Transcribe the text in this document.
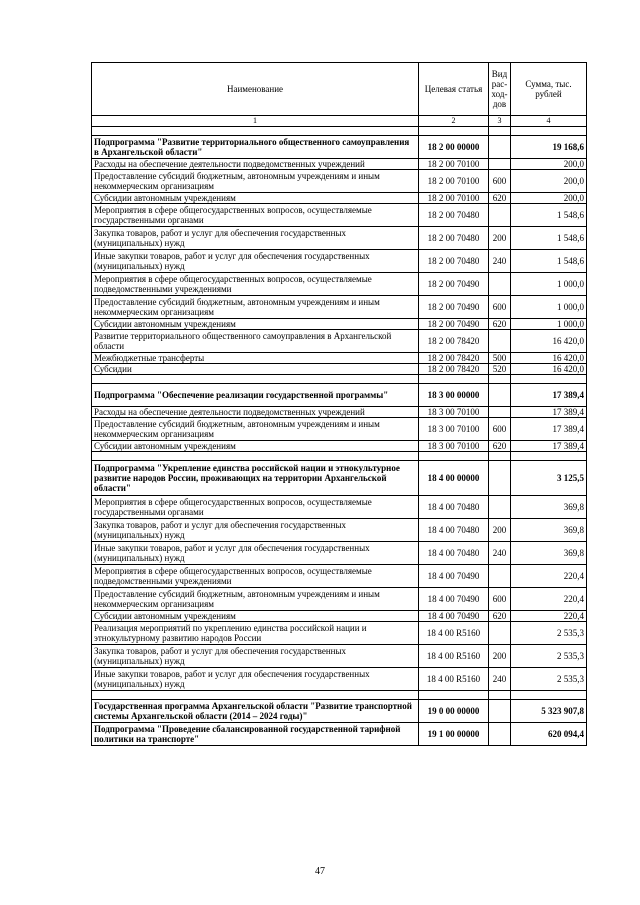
Наименование	Целевая статья	Вид рас-ход-дов	Сумма, тыс. рублей
1	2	3	4

Подпрограмма "Развитие территориального общественного самоуправления в Архангельской области"	18 2 00 00000		19 168,6
Расходы на обеспечение деятельности подведомственных учреждений	18 2 00 70100		200,0
Предоставление субсидий бюджетным, автономным учреждениям и иным некоммерческим организациям	18 2 00 70100	600	200,0
Субсидии автономным учреждениям	18 2 00 70100	620	200,0
Мероприятия в сфере общегосударственных вопросов, осуществляемые государственными органами	18 2 00 70480		1 548,6
Закупка товаров, работ и услуг для обеспечения государственных (муниципальных) нужд	18 2 00 70480	200	1 548,6
Иные закупки товаров, работ и услуг для обеспечения государственных (муниципальных) нужд	18 2 00 70480	240	1 548,6
Мероприятия в сфере общегосударственных вопросов, осуществляемые подведомственными учреждениями	18 2 00 70490		1 000,0
Предоставление субсидий бюджетным, автономным учреждениям и иным некоммерческим организациям	18 2 00 70490	600	1 000,0
Субсидии автономным учреждениям	18 2 00 70490	620	1 000,0
Развитие территориального общественного самоуправления в Архангельской области	18 2 00 78420		16 420,0
Межбюджетные трансферты	18 2 00 78420	500	16 420,0
Субсидии	18 2 00 78420	520	16 420,0

Подпрограмма "Обеспечение реализации государственной программы"	18 3 00 00000		17 389,4
Расходы на обеспечение деятельности подведомственных учреждений	18 3 00 70100		17 389,4
Предоставление субсидий бюджетным, автономным учреждениям и иным некоммерческим организациям	18 3 00 70100	600	17 389,4
Субсидии автономным учреждениям	18 3 00 70100	620	17 389,4

Подпрограмма "Укрепление единства российской нации и этнокультурное развитие народов России, проживающих на территории Архангельской области"	18 4 00 00000		3 125,5
Мероприятия в сфере общегосударственных вопросов, осуществляемые государственными органами	18 4 00 70480		369,8
Закупка товаров, работ и услуг для обеспечения государственных (муниципальных) нужд	18 4 00 70480	200	369,8
Иные закупки товаров, работ и услуг для обеспечения государственных (муниципальных) нужд	18 4 00 70480	240	369,8
Мероприятия в сфере общегосударственных вопросов, осуществляемые подведомственными учреждениями	18 4 00 70490		220,4
Предоставление субсидий бюджетным, автономным учреждениям и иным некоммерческим организациям	18 4 00 70490	600	220,4
Субсидии автономным учреждениям	18 4 00 70490	620	220,4
Реализация мероприятий по укреплению единства российской нации и этнокультурному развитию народов России	18 4 00 R5160		2 535,3
Закупка товаров, работ и услуг для обеспечения государственных (муниципальных) нужд	18 4 00 R5160	200	2 535,3
Иные закупки товаров, работ и услуг для обеспечения государственных (муниципальных) нужд	18 4 00 R5160	240	2 535,3

Государственная программа Архангельской области "Развитие транспортной системы Архангельской области (2014 – 2024 годы)"	19 0 00 00000		5 323 907,8
Подпрограмма "Проведение сбалансированной государственной тарифной политики на транспорте"	19 1 00 00000		620 094,4
47
